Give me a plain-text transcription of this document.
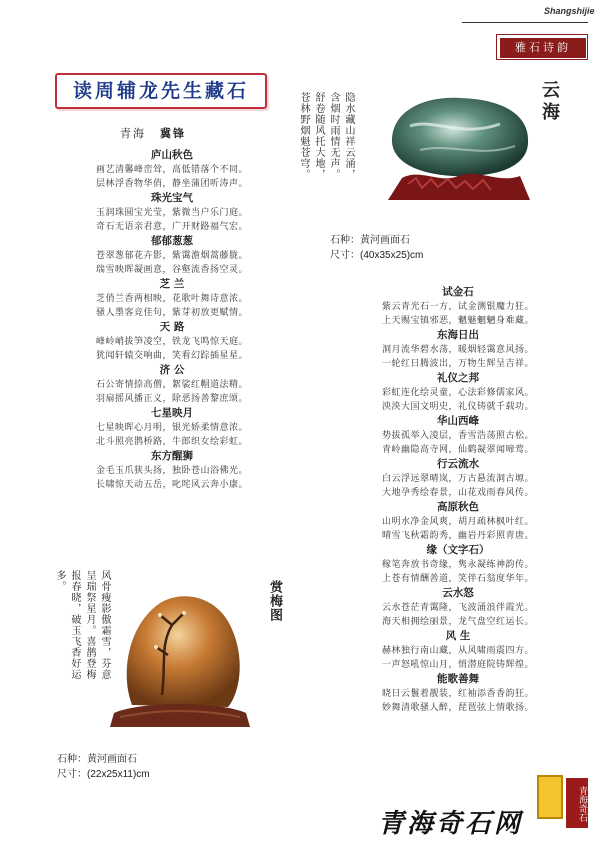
Shangshijie
雅石诗韵
读周辅龙先生藏石
青海 冀锋
庐山秋色
画艺清馨峰峦耸，高低错落个不同。
层林浮香物华俏，静坐蒲团听涛声。
珠光宝气
玉润珠圆宝光莹，紫微当户乐门庭。
奇石无语亲君意，广开财路福气宏。
郁郁葱葱
苍翠葱郁花卉影，紫霭澹烟蒿藤胧。
瑞雪映晖凝画意，谷壑流香扬空灵。
芝 兰
芝俏兰香两相映，花歌叶舞诗意浓。
骚人墨客竞佳句，紫芽初放更赋情。
天 路
峰岭峭拔笋凌空，铁龙飞鸣惊天庭。
犹闻轩辕交响曲，笑看幻踪插星星。
济 公
石公寄情捺高僧，絮裟红帽道法精。
羽扇摇风播正义，除恶扬善黎庶颂。
七星映月
七星映晖心月明，银光娇柔情意浓。
北斗照亮鹊桥路，牛郎织女绘彩虹。
东方醒狮
金毛玉爪狭头扬，独卧苍山浴佛光。
长啸惊天动五岳，叱咤风云奔小康。
试金石
紫云青光石一方，试金测银魔力狂。
上天赐宝镇邪恶，魑魅魍魉身难藏。
东海日出
洞月流华碧水荡，暖烟轻霭意风扬。
一轮红日腾波出，万物生辉呈吉祥。
礼仪之邦
彩虹连化绘灵童，心法彩修儒家风。
泱泱大国文明史，礼仪铸就千载功。
华山西峰
势拔孤举入凌层，香雪浩荡照古松。
青岭幽隐高寺网，仙鹤凝翠闻啼莺。
行云流水
白云浮远翠晴岚，万古悬流洞古塬。
大地孕秀绘春景，山花戏雨春风传。
高原秋色
山明水净金风爽，胡月疏林枫叶红。
晴雪飞秋霜韵秀，幽岩丹彩照青唐。
缘（文字石）
稼笔奔放书奇缘，隽永凝练神韵传。
上苍有情酬善道，笑伴石翁度华年。
云水怒
云水苍茫青霭隆，飞波涌浪伴霞光。
海天相拥绘丽景，龙气盘空红运长。
风 生
赫林独行南山藏，从风啸雨震四方。
一声怒吼惊山月，悄潜庭院铸辉煌。
能歌善舞
晓日云鬟着靓装，红袖添香香韵狂。
妙舞清歌骚人醉，琵琶弦上情歌扬。
云海
隐水藏山祥云涌，含烟时雨情无声。舒卷随风托大地，苍林野烟魁苍穹。
石种：黄河画面石
尺寸：(40x35x25)cm
赏梅图
风骨瘦影傲霜雪，芬意呈瑞祭星月。喜鹊登梅报春晓，破玉飞香好运多。
石种：黄河画面石
尺寸：(22x25x11)cm
青海奇石网
青海奇石
